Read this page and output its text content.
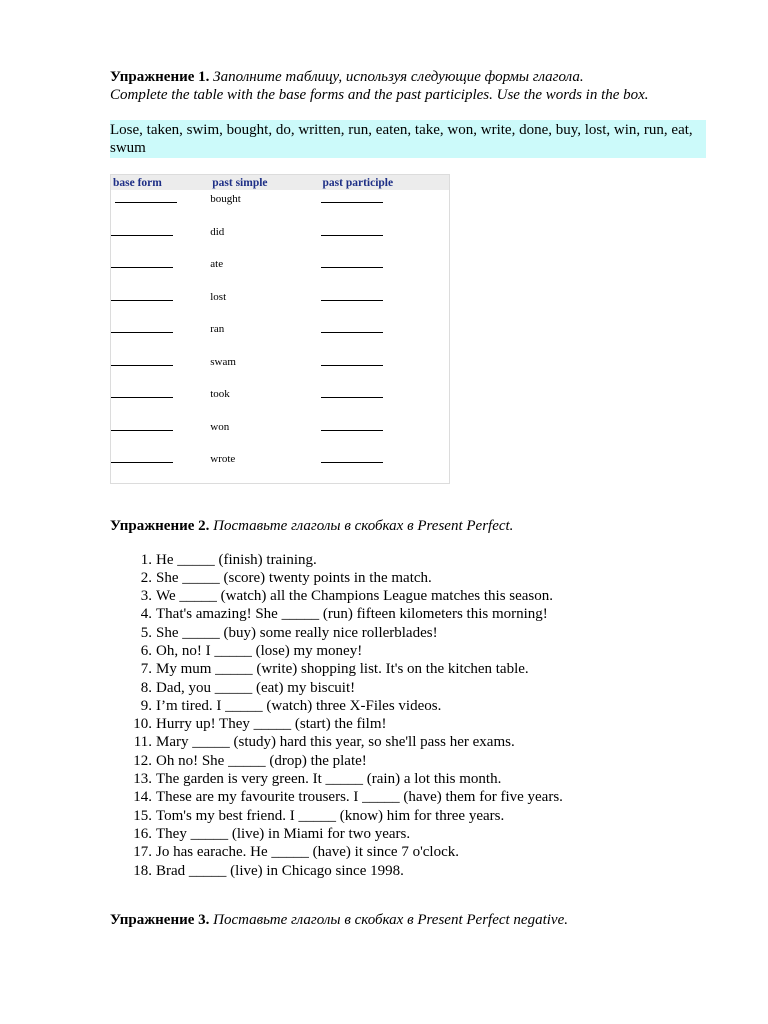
Упражнение 1. Заполните таблицу, используя следующие формы глагола.

Complete the table with the base forms and the past participles. Use the words in the box.

Lose, taken, swim, bought, do, written, run, eaten, take, won, write, done, buy, lost, win, run, eat, swum
base form	past simple	past participle
	bought	
	did	
	ate	
	lost	
	ran	
	swam	
	took	
	won	
	wrote	

Упражнение 2. Поставьте глаголы в скобках в Present Perfect.

1. He _____ (finish) training.
2. She _____ (score) twenty points in the match.
3. We _____ (watch) all the Champions League matches this season.
4. That's amazing! She _____ (run) fifteen kilometers this morning!
5. She _____ (buy) some really nice rollerblades!
6. Oh, no! I _____ (lose) my money!
7. My mum _____ (write) shopping list. It's on the kitchen table.
8. Dad, you _____ (eat) my biscuit!
9. I’m tired. I _____ (watch) three X-Files videos.
10. Hurry up! They _____ (start) the film!
11. Mary _____ (study) hard this year, so she'll pass her exams.
12. Oh no! She _____ (drop) the plate!
13. The garden is very green. It _____ (rain) a lot this month.
14. These are my favourite trousers. I _____ (have) them for five years.
15. Tom's my best friend. I _____ (know) him for three years.
16. They _____ (live) in Miami for two years.
17. Jo has earache. He _____ (have) it since 7 o'clock.
18. Brad _____ (live) in Chicago since 1998.

Упражнение 3. Поставьте глаголы в скобках в Present Perfect negative.
